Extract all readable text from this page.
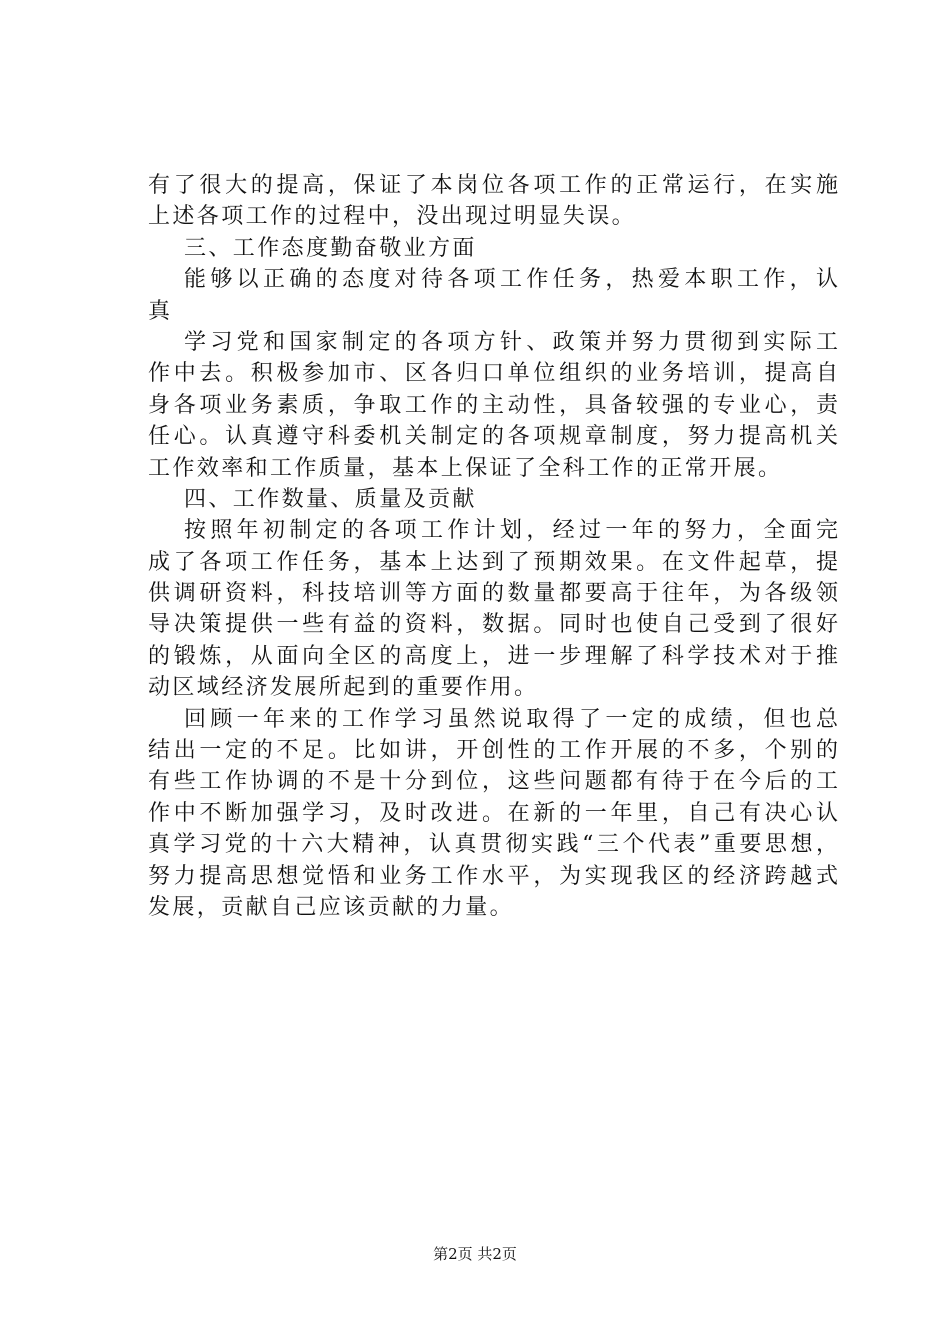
有了很大的提高，保证了本岗位各项工作的正常运行，在实施
上述各项工作的过程中，没出现过明显失误。
三、工作态度勤奋敬业方面
能够以正确的态度对待各项工作任务，热爱本职工作，认
真
学习党和国家制定的各项方针、政策并努力贯彻到实际工
作中去。积极参加市、区各归口单位组织的业务培训，提高自
身各项业务素质，争取工作的主动性，具备较强的专业心，责
任心。认真遵守科委机关制定的各项规章制度，努力提高机关
工作效率和工作质量，基本上保证了全科工作的正常开展。
四、工作数量、质量及贡献
按照年初制定的各项工作计划，经过一年的努力，全面完
成了各项工作任务，基本上达到了预期效果。在文件起草，提
供调研资料，科技培训等方面的数量都要高于往年，为各级领
导决策提供一些有益的资料，数据。同时也使自己受到了很好
的锻炼，从面向全区的高度上，进一步理解了科学技术对于推
动区域经济发展所起到的重要作用。
回顾一年来的工作学习虽然说取得了一定的成绩，但也总
结出一定的不足。比如讲，开创性的工作开展的不多，个别的
有些工作协调的不是十分到位，这些问题都有待于在今后的工
作中不断加强学习，及时改进。在新的一年里，自己有决心认
真学习党的十六大精神，认真贯彻实践“三个代表”重要思想，
努力提高思想觉悟和业务工作水平，为实现我区的经济跨越式
发展，贡献自己应该贡献的力量。
第2页 共2页
